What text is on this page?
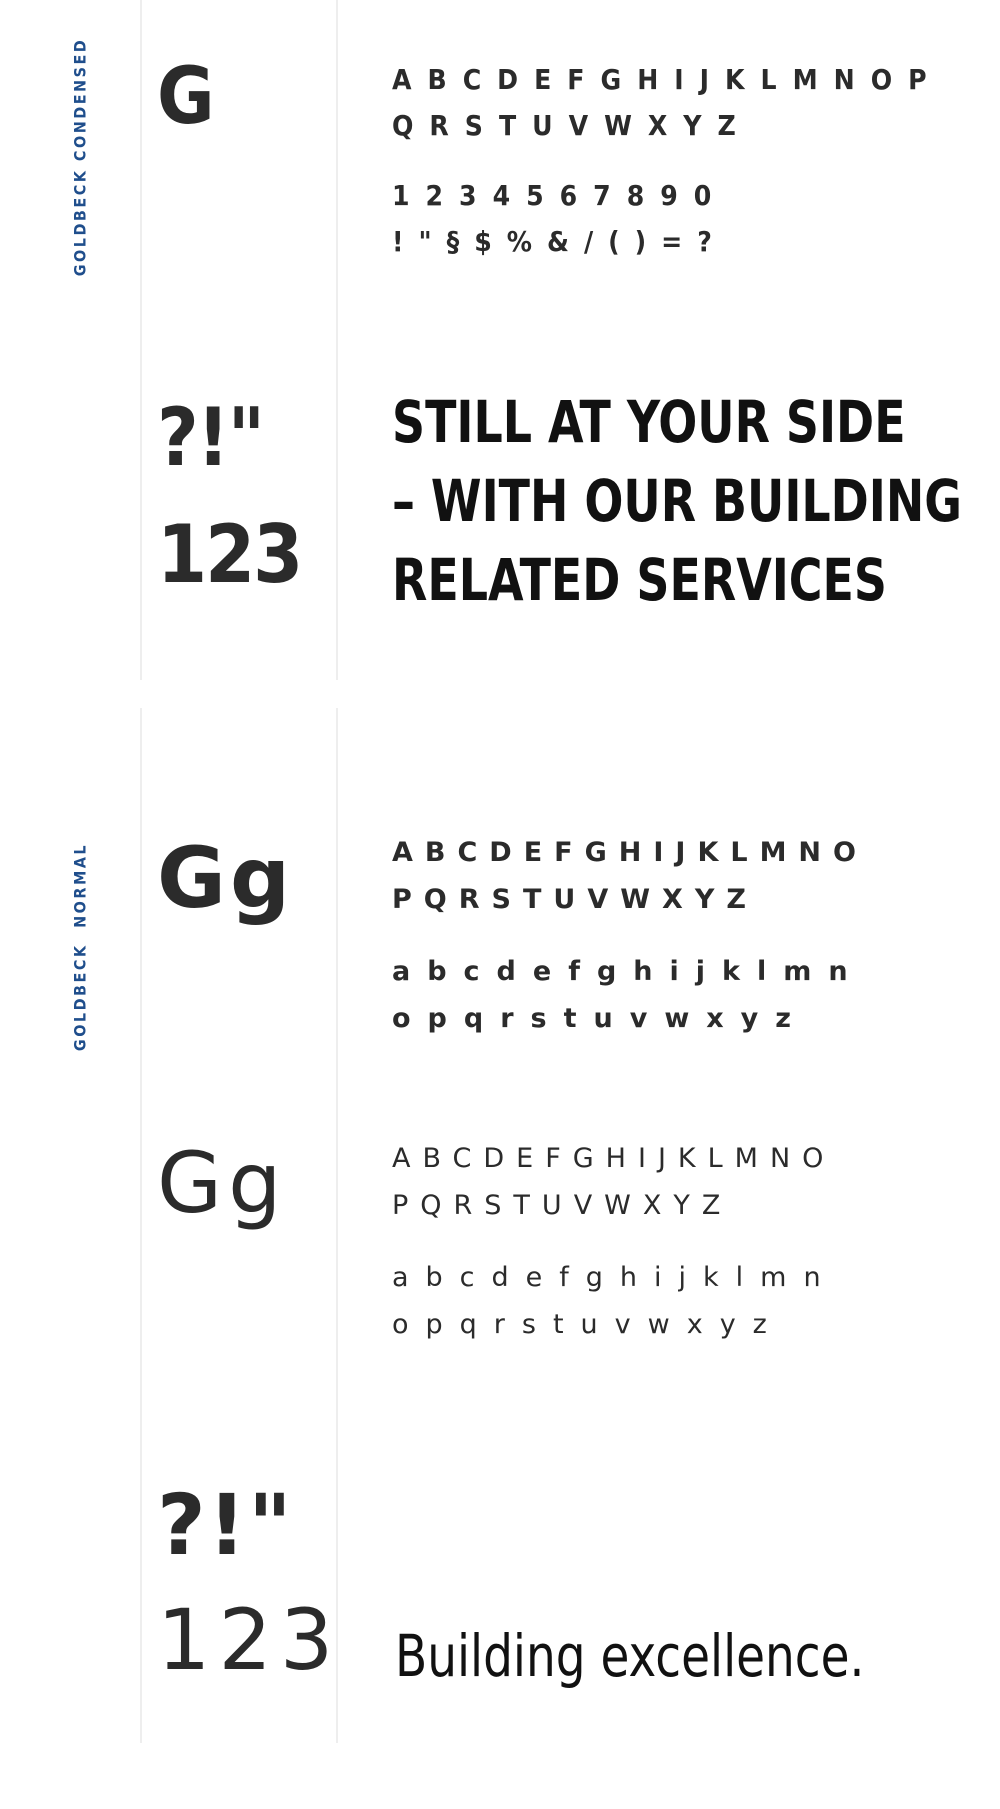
GOLDBECK CONDENSED G	ABCDEFGHIJKLMNOP
QRSTUVWXYZ
1234567890
!"§$%&/()=?
?!"
123
STILL AT YOUR SIDE
– WITH OUR BUILDING
RELATED SERVICES
GOLDBECK NORMAL Gg	ABCDEFGHIJKLMNO
PQRSTUVWXYZ
abcdefghijklmn
opqrstuvwxyz
Gg	ABCDEFGHIJKLMNO
PQRSTUVWXYZ
abcdefghijklmn
opqrstuvwxyz
?!"
123 Building excellence.
